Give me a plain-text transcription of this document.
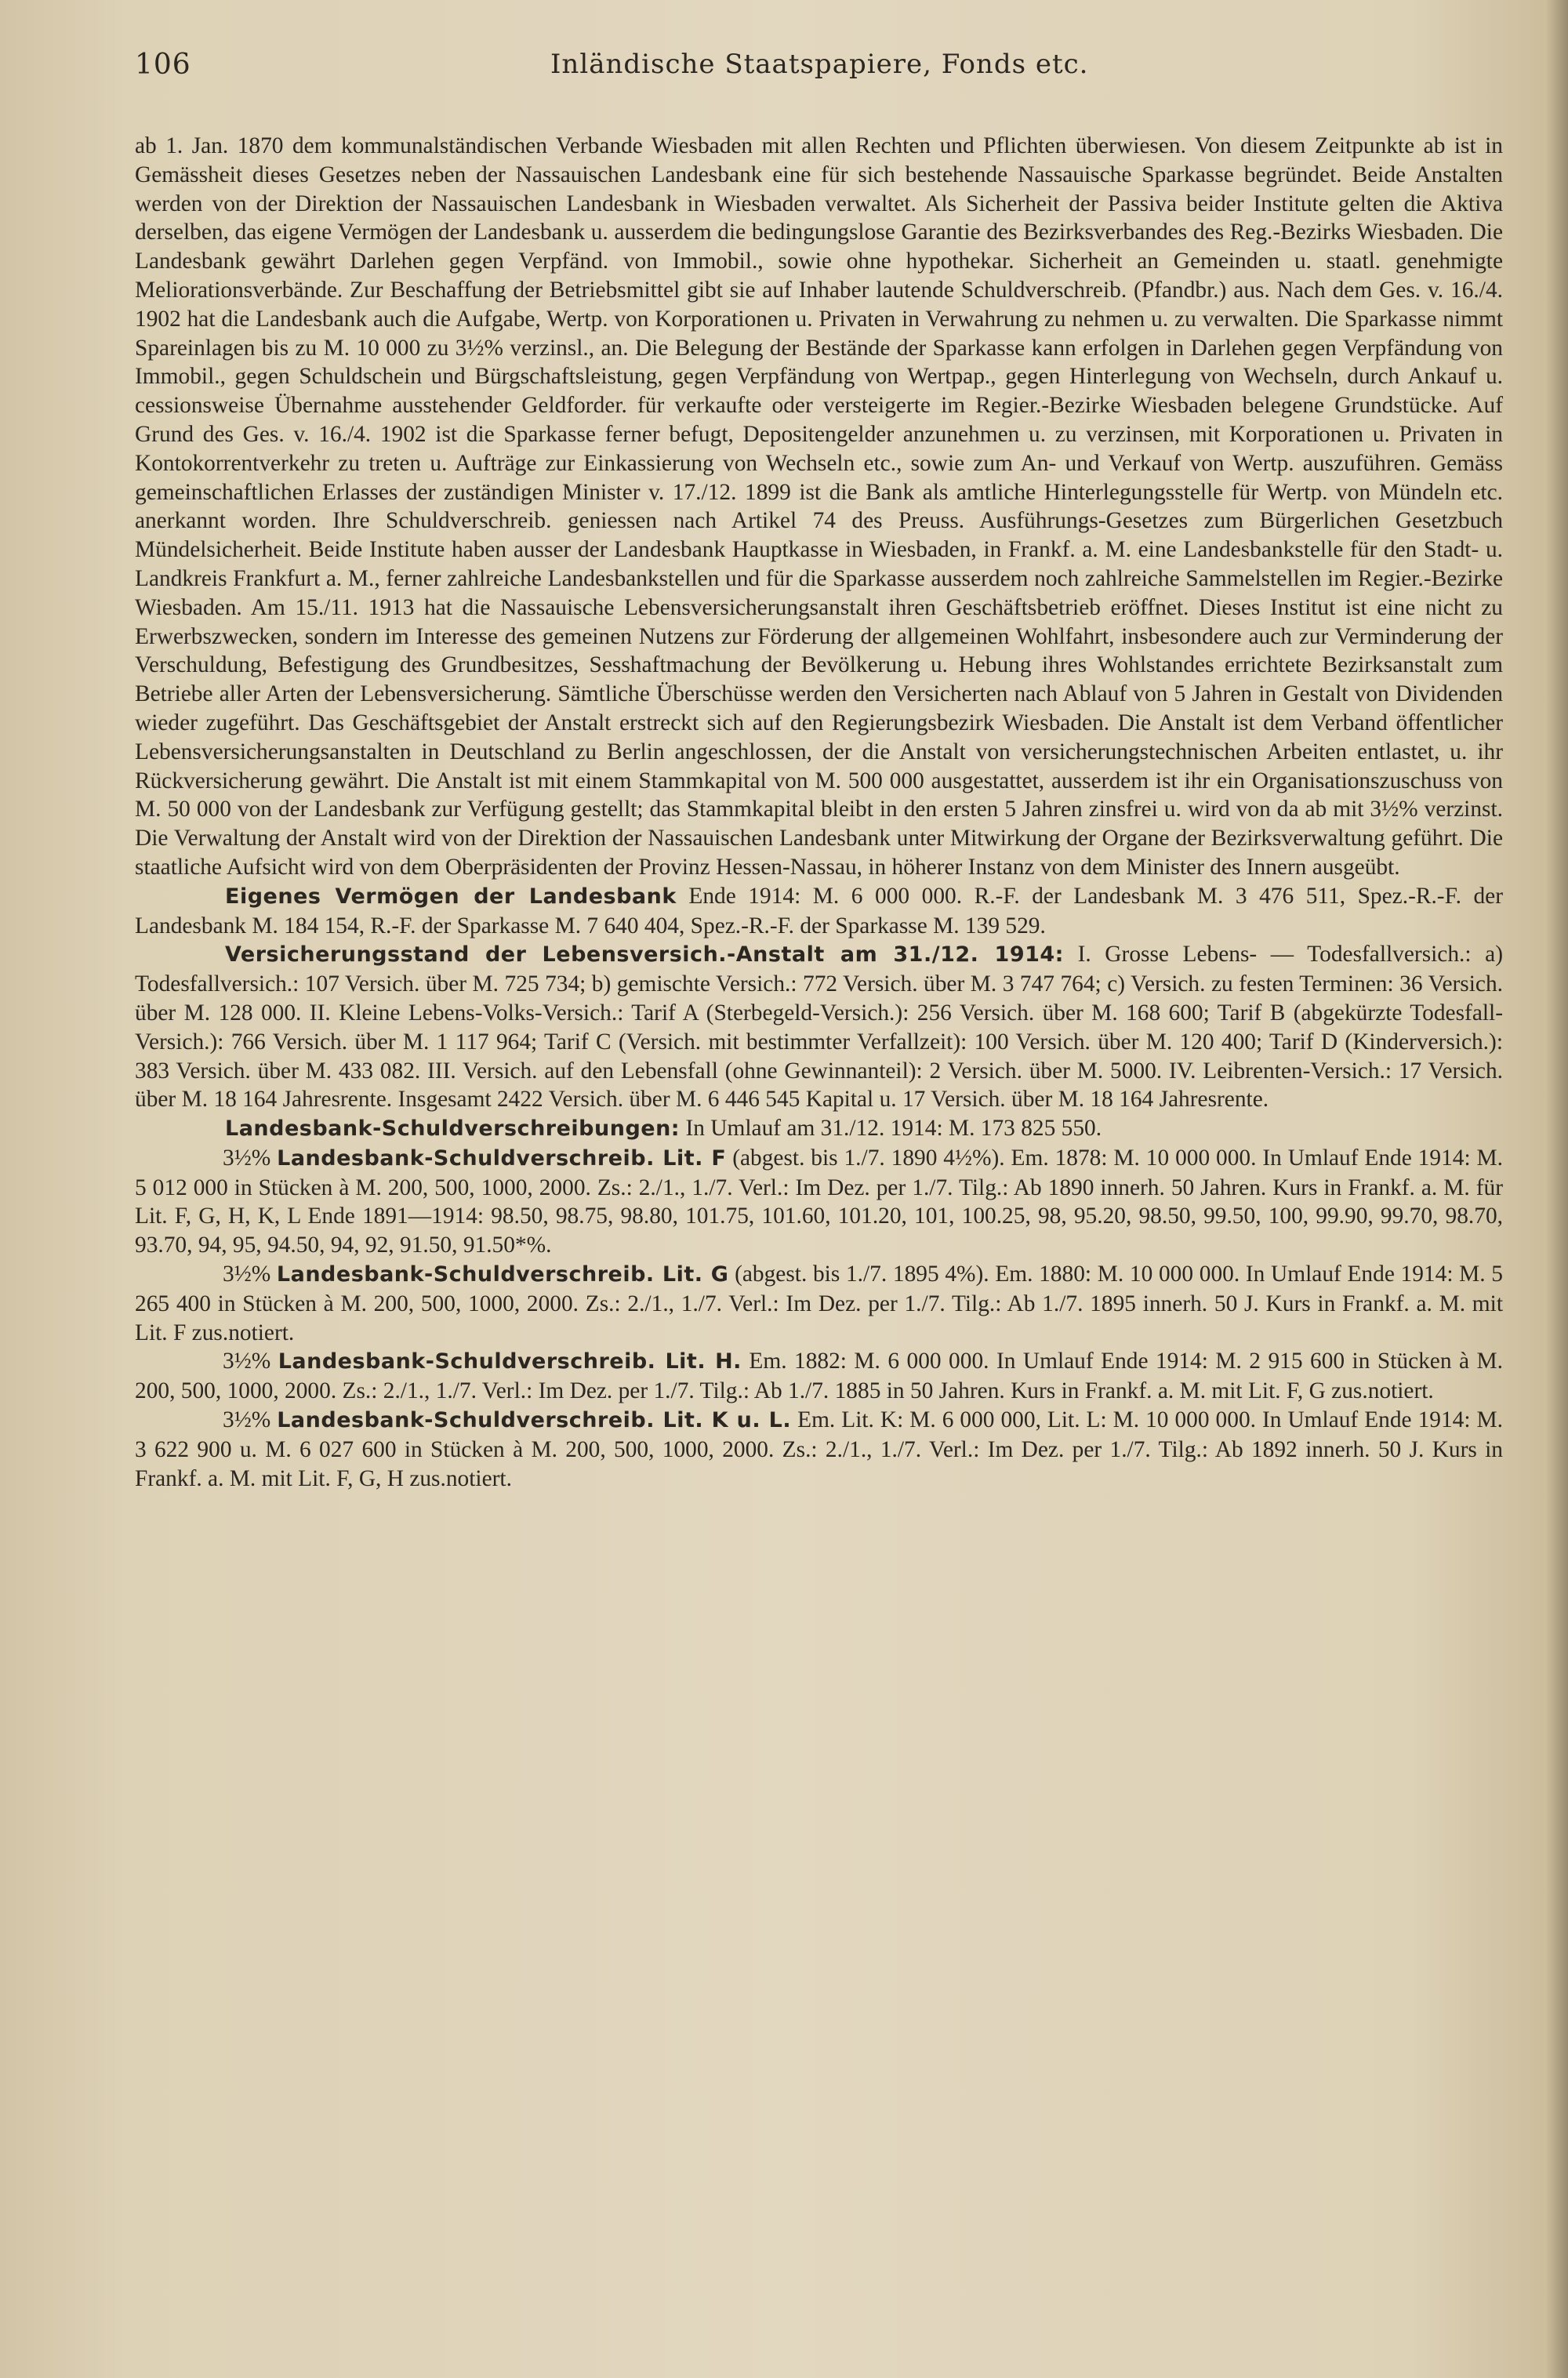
106	Inländische Staatspapiere, Fonds etc.

ab 1. Jan. 1870 dem kommunalständischen Verbande Wiesbaden mit allen Rechten und Pflichten überwiesen. Von diesem Zeitpunkte ab ist in Gemässheit dieses Gesetzes neben der Nassauischen Landesbank eine für sich bestehende Nassauische Sparkasse begründet. Beide Anstalten werden von der Direktion der Nassauischen Landesbank in Wiesbaden verwaltet. Als Sicherheit der Passiva beider Institute gelten die Aktiva derselben, das eigene Vermögen der Landesbank u. ausserdem die bedingungslose Garantie des Bezirksverbandes des Reg.-Bezirks Wiesbaden. Die Landesbank gewährt Darlehen gegen Verpfänd. von Immobil., sowie ohne hypothekar. Sicherheit an Gemeinden u. staatl. genehmigte Meliorationsverbände. Zur Beschaffung der Betriebsmittel gibt sie auf Inhaber lautende Schuldverschreib. (Pfandbr.) aus. Nach dem Ges. v. 16./4. 1902 hat die Landesbank auch die Aufgabe, Wertp. von Korporationen u. Privaten in Verwahrung zu nehmen u. zu verwalten. Die Sparkasse nimmt Spareinlagen bis zu M. 10 000 zu 3½% verzinsl., an. Die Belegung der Bestände der Sparkasse kann erfolgen in Darlehen gegen Verpfändung von Immobil., gegen Schuldschein und Bürgschaftsleistung, gegen Verpfändung von Wertpap., gegen Hinterlegung von Wechseln, durch Ankauf u. cessionsweise Übernahme ausstehender Geldforder. für verkaufte oder versteigerte im Regier.-Bezirke Wiesbaden belegene Grundstücke. Auf Grund des Ges. v. 16./4. 1902 ist die Sparkasse ferner befugt, Depositengelder anzunehmen u. zu verzinsen, mit Korporationen u. Privaten in Kontokorrentverkehr zu treten u. Aufträge zur Einkassierung von Wechseln etc., sowie zum An- und Verkauf von Wertp. auszuführen. Gemäss gemeinschaftlichen Erlasses der zuständigen Minister v. 17./12. 1899 ist die Bank als amtliche Hinterlegungsstelle für Wertp. von Mündeln etc. anerkannt worden. Ihre Schuldverschreib. geniessen nach Artikel 74 des Preuss. Ausführungs-Gesetzes zum Bürgerlichen Gesetzbuch Mündelsicherheit. Beide Institute haben ausser der Landesbank Hauptkasse in Wiesbaden, in Frankf. a. M. eine Landesbankstelle für den Stadt- u. Landkreis Frankfurt a. M., ferner zahlreiche Landesbankstellen und für die Sparkasse ausserdem noch zahlreiche Sammelstellen im Regier.-Bezirke Wiesbaden. Am 15./11. 1913 hat die Nassauische Lebensversicherungsanstalt ihren Geschäftsbetrieb eröffnet. Dieses Institut ist eine nicht zu Erwerbszwecken, sondern im Interesse des gemeinen Nutzens zur Förderung der allgemeinen Wohlfahrt, insbesondere auch zur Verminderung der Verschuldung, Befestigung des Grundbesitzes, Sesshaftmachung der Bevölkerung u. Hebung ihres Wohlstandes errichtete Bezirksanstalt zum Betriebe aller Arten der Lebensversicherung. Sämtliche Überschüsse werden den Versicherten nach Ablauf von 5 Jahren in Gestalt von Dividenden wieder zugeführt. Das Geschäftsgebiet der Anstalt erstreckt sich auf den Regierungsbezirk Wiesbaden. Die Anstalt ist dem Verband öffentlicher Lebensversicherungsanstalten in Deutschland zu Berlin angeschlossen, der die Anstalt von versicherungstechnischen Arbeiten entlastet, u. ihr Rückversicherung gewährt. Die Anstalt ist mit einem Stammkapital von M. 500 000 ausgestattet, ausserdem ist ihr ein Organisationszuschuss von M. 50 000 von der Landesbank zur Verfügung gestellt; das Stammkapital bleibt in den ersten 5 Jahren zinsfrei u. wird von da ab mit 3½% verzinst. Die Verwaltung der Anstalt wird von der Direktion der Nassauischen Landesbank unter Mitwirkung der Organe der Bezirksverwaltung geführt. Die staatliche Aufsicht wird von dem Oberpräsidenten der Provinz Hessen-Nassau, in höherer Instanz von dem Minister des Innern ausgeübt.

Eigenes Vermögen der Landesbank Ende 1914: M. 6 000 000. R.-F. der Landesbank M. 3 476 511, Spez.-R.-F. der Landesbank M. 184 154, R.-F. der Sparkasse M. 7 640 404, Spez.-R.-F. der Sparkasse M. 139 529.

Versicherungsstand der Lebensversich.-Anstalt am 31./12. 1914: I. Grosse Lebens- — Todesfallversich.: a) Todesfallversich.: 107 Versich. über M. 725 734; b) gemischte Versich.: 772 Versich. über M. 3 747 764; c) Versich. zu festen Terminen: 36 Versich. über M. 128 000. II. Kleine Lebens-Volks-Versich.: Tarif A (Sterbegeld-Versich.): 256 Versich. über M. 168 600; Tarif B (abgekürzte Todesfall-Versich.): 766 Versich. über M. 1 117 964; Tarif C (Versich. mit bestimmter Verfallzeit): 100 Versich. über M. 120 400; Tarif D (Kinderversich.): 383 Versich. über M. 433 082. III. Versich. auf den Lebensfall (ohne Gewinnanteil): 2 Versich. über M. 5000. IV. Leibrenten-Versich.: 17 Versich. über M. 18 164 Jahresrente. Insgesamt 2422 Versich. über M. 6 446 545 Kapital u. 17 Versich. über M. 18 164 Jahresrente.

Landesbank-Schuldverschreibungen: In Umlauf am 31./12. 1914: M. 173 825 550.

3½% Landesbank-Schuldverschreib. Lit. F (abgest. bis 1./7. 1890 4½%). Em. 1878: M. 10 000 000. In Umlauf Ende 1914: M. 5 012 000 in Stücken à M. 200, 500, 1000, 2000. Zs.: 2./1., 1./7. Verl.: Im Dez. per 1./7. Tilg.: Ab 1890 innerh. 50 Jahren. Kurs in Frankf. a. M. für Lit. F, G, H, K, L Ende 1891—1914: 98.50, 98.75, 98.80, 101.75, 101.60, 101.20, 101, 100.25, 98, 95.20, 98.50, 99.50, 100, 99.90, 99.70, 98.70, 93.70, 94, 95, 94.50, 94, 92, 91.50, 91.50*%.

3½% Landesbank-Schuldverschreib. Lit. G (abgest. bis 1./7. 1895 4%). Em. 1880: M. 10 000 000. In Umlauf Ende 1914: M. 5 265 400 in Stücken à M. 200, 500, 1000, 2000. Zs.: 2./1., 1./7. Verl.: Im Dez. per 1./7. Tilg.: Ab 1./7. 1895 innerh. 50 J. Kurs in Frankf. a. M. mit Lit. F zus.notiert.

3½% Landesbank-Schuldverschreib. Lit. H. Em. 1882: M. 6 000 000. In Umlauf Ende 1914: M. 2 915 600 in Stücken à M. 200, 500, 1000, 2000. Zs.: 2./1., 1./7. Verl.: Im Dez. per 1./7. Tilg.: Ab 1./7. 1885 in 50 Jahren. Kurs in Frankf. a. M. mit Lit. F, G zus.notiert.

3½% Landesbank-Schuldverschreib. Lit. K u. L. Em. Lit. K: M. 6 000 000, Lit. L: M. 10 000 000. In Umlauf Ende 1914: M. 3 622 900 u. M. 6 027 600 in Stücken à M. 200, 500, 1000, 2000. Zs.: 2./1., 1./7. Verl.: Im Dez. per 1./7. Tilg.: Ab 1892 innerh. 50 J. Kurs in Frankf. a. M. mit Lit. F, G, H zus.notiert.
